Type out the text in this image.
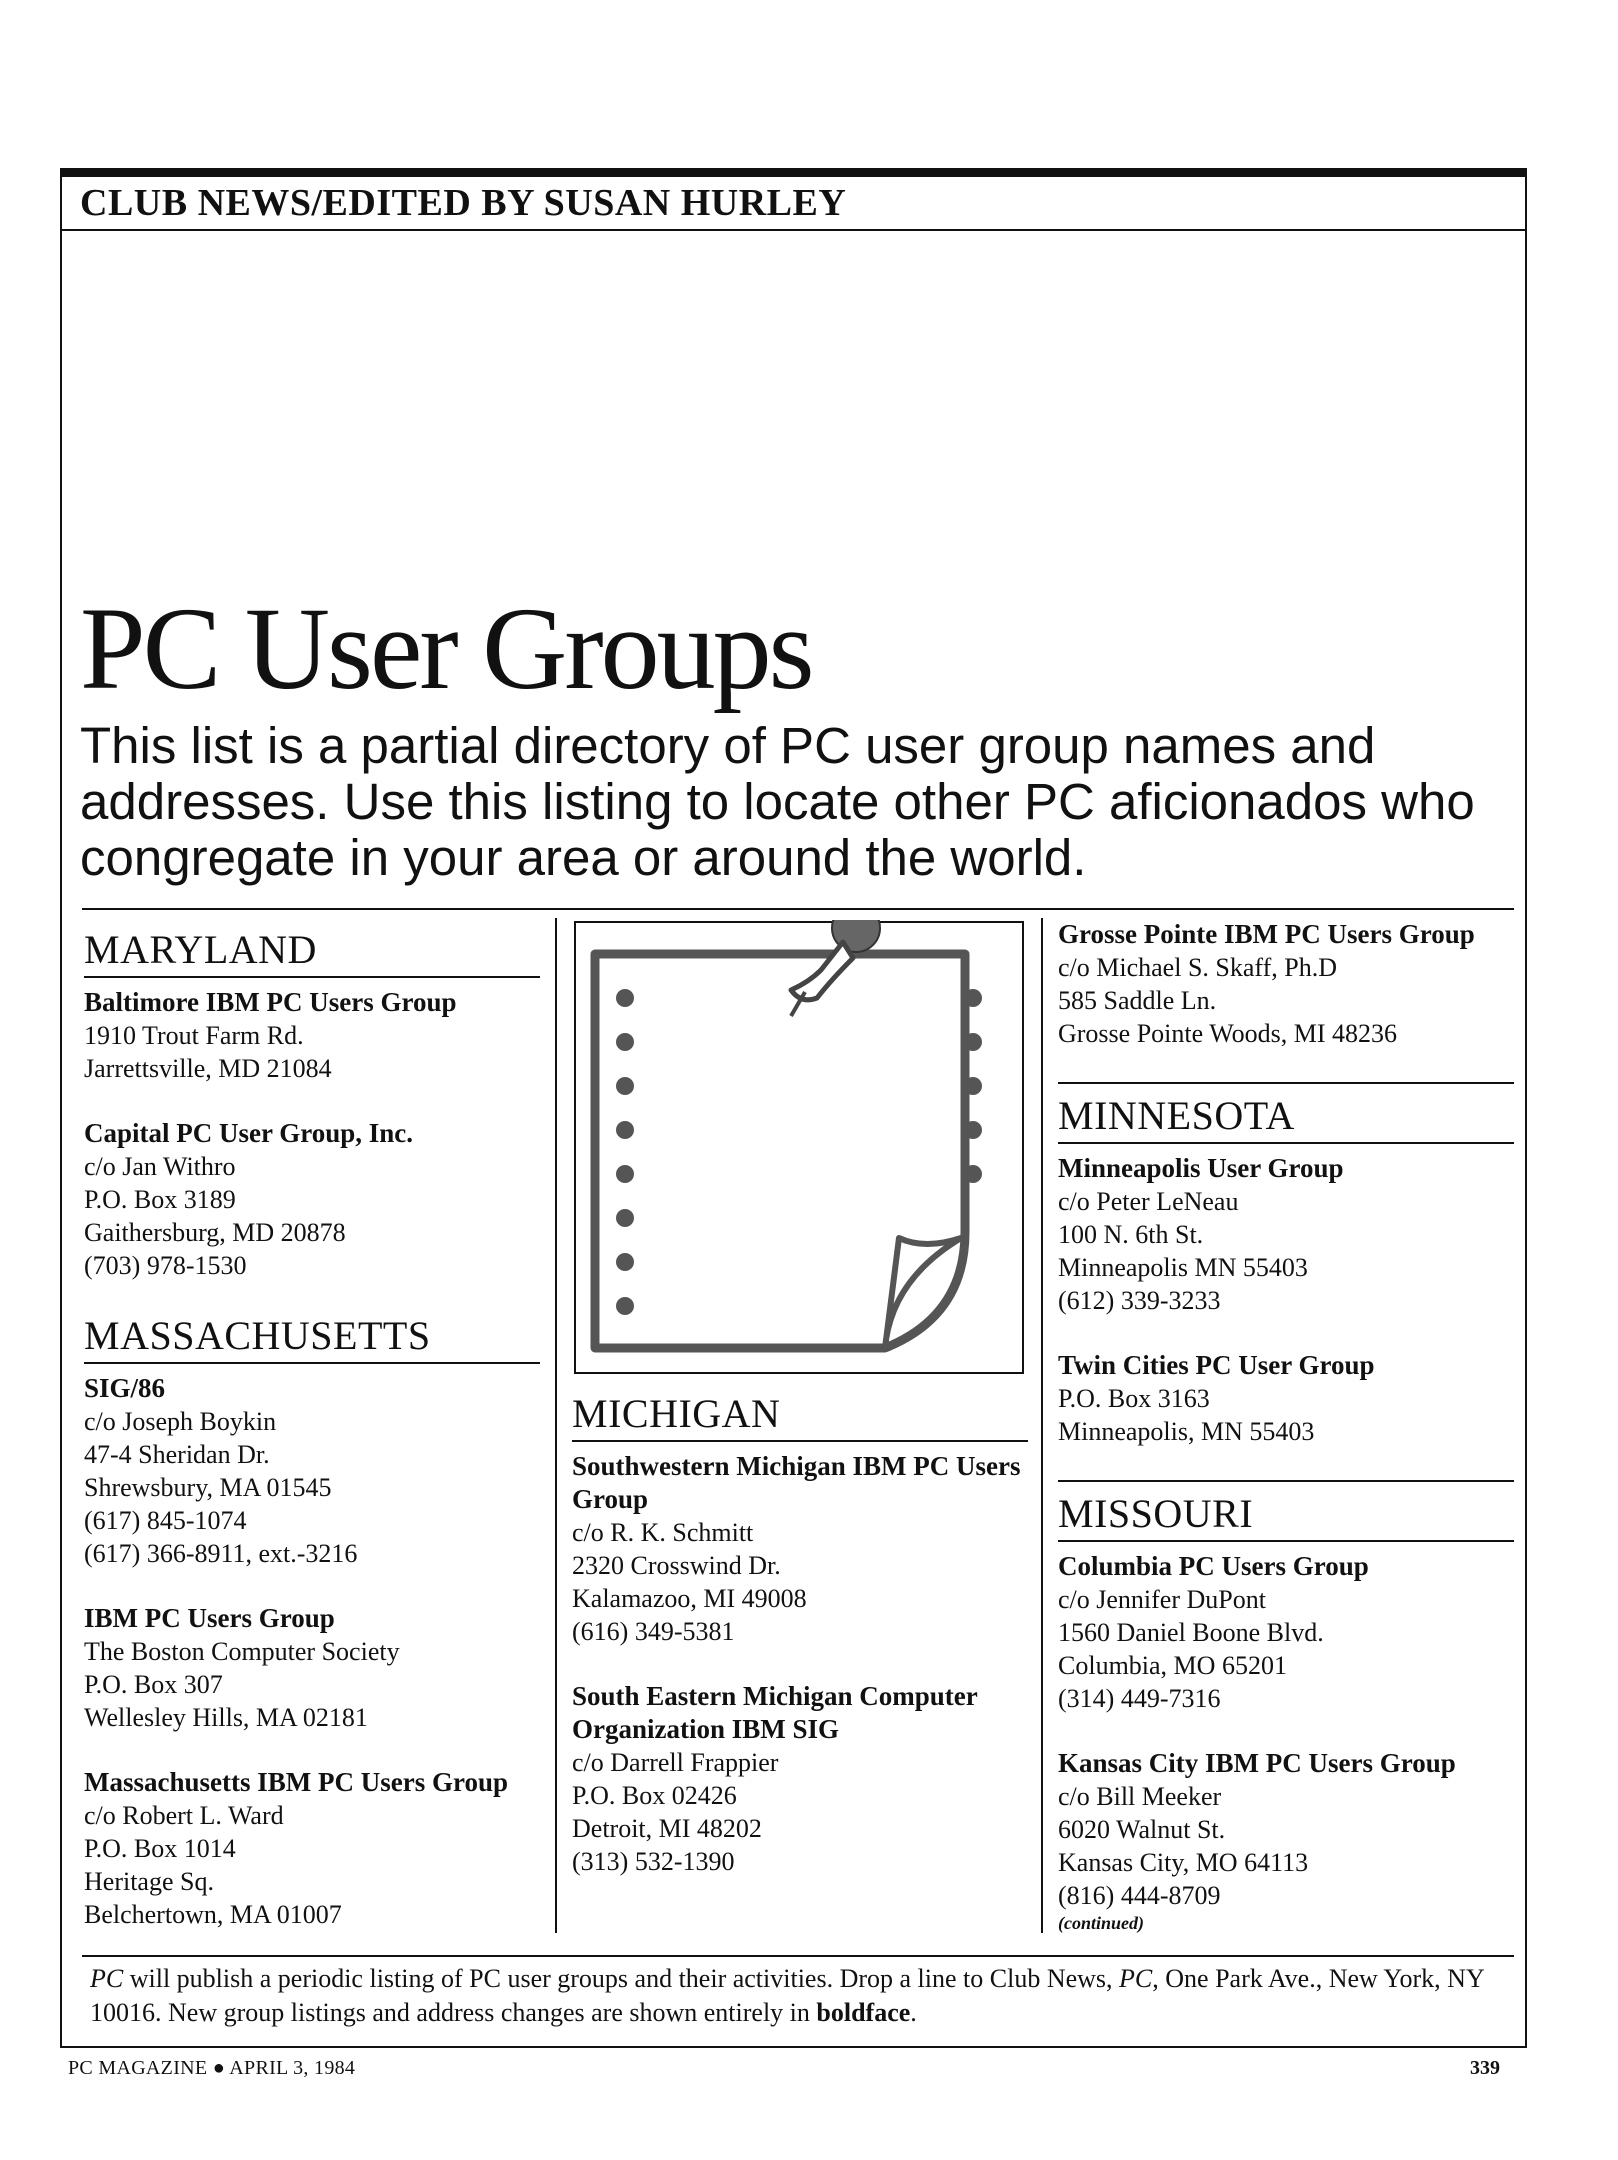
CLUB NEWS/EDITED BY SUSAN HURLEY
PC User Groups

This list is a partial directory of PC user group names and addresses. Use this listing to locate other PC aficionados who congregate in your area or around the world.

MARYLAND
Baltimore IBM PC Users Group
1910 Trout Farm Rd.
Jarrettsville, MD 21084
Capital PC User Group, Inc.
c/o Jan Withro
P.O. Box 3189
Gaithersburg, MD 20878
(703) 978-1530
MASSACHUSETTS
SIG/86
c/o Joseph Boykin
47-4 Sheridan Dr.
Shrewsbury, MA 01545
(617) 845-1074
(617) 366-8911, ext.-3216
IBM PC Users Group
The Boston Computer Society
P.O. Box 307
Wellesley Hills, MA 02181
Massachusetts IBM PC Users Group
c/o Robert L. Ward
P.O. Box 1014
Heritage Sq.
Belchertown, MA 01007
MICHIGAN
Southwestern Michigan IBM PC Users Group
c/o R. K. Schmitt
2320 Crosswind Dr.
Kalamazoo, MI 49008
(616) 349-5381
South Eastern Michigan Computer Organization IBM SIG
c/o Darrell Frappier
P.O. Box 02426
Detroit, MI 48202
(313) 532-1390
Grosse Pointe IBM PC Users Group
c/o Michael S. Skaff, Ph.D
585 Saddle Ln.
Grosse Pointe Woods, MI 48236
MINNESOTA
Minneapolis User Group
c/o Peter LeNeau
100 N. 6th St.
Minneapolis MN 55403
(612) 339-3233
Twin Cities PC User Group
P.O. Box 3163
Minneapolis, MN 55403
MISSOURI
Columbia PC Users Group
c/o Jennifer DuPont
1560 Daniel Boone Blvd.
Columbia, MO 65201
(314) 449-7316
Kansas City IBM PC Users Group
c/o Bill Meeker
6020 Walnut St.
Kansas City, MO 64113
(816) 444-8709
(continued)
PC will publish a periodic listing of PC user groups and their activities. Drop a line to Club News, PC, One Park Ave., New York, NY 10016. New group listings and address changes are shown entirely in boldface.
PC MAGAZINE ● APRIL 3, 1984	339
